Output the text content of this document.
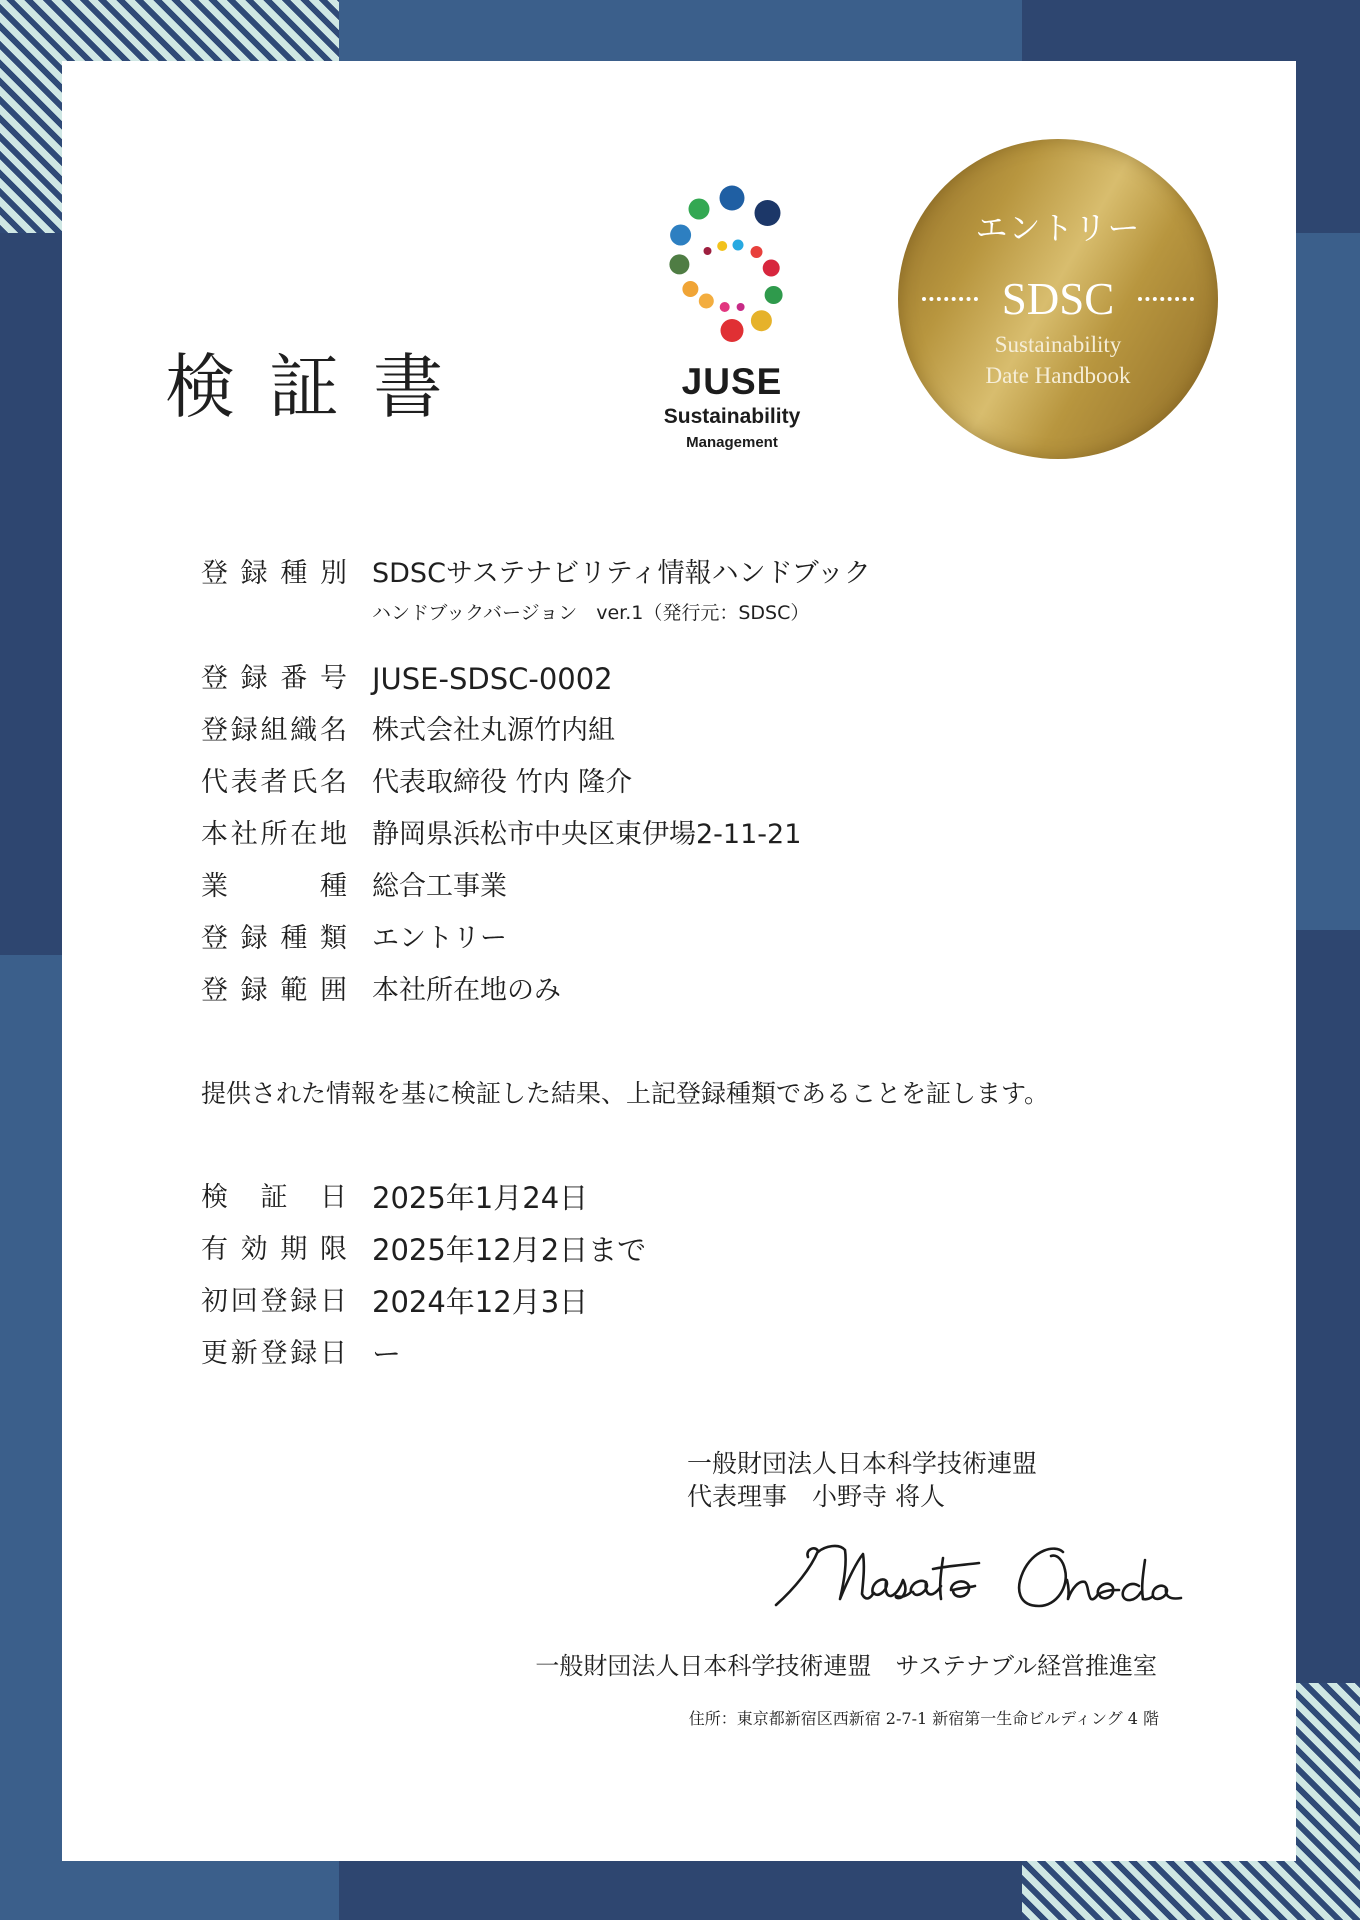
検 証 書	JUSE
Sustainability
Management
エントリー
SDSC
Sustainability
Date Handbook
登 録 種 別 SDSCサステナビリティ情報ハンドブック
ハンドブックバージョン　ver.1（発行元：SDSC）
登 録 番 号 JUSE-SDSC-0002
登録組織名 株式会社丸源竹内組
代表者氏名 代表取締役 竹内 隆介
本社所在地 静岡県浜松市中央区東伊場2-11-21
業　　種 総合工事業
登 録 種 類 エントリー
登 録 範 囲 本社所在地のみ

提供された情報を基に検証した結果、上記登録種類であることを証します。

検 証 日 2025年1月24日
有 効 期 限 2025年12月2日まで
初回登録日 2024年12月3日
更新登録日 ー
一般財団法人日本科学技術連盟
代表理事　小野寺 将人
一般財団法人日本科学技術連盟　サステナブル経営推進室
住所：東京都新宿区西新宿 2-7-1 新宿第一生命ビルディング 4 階
